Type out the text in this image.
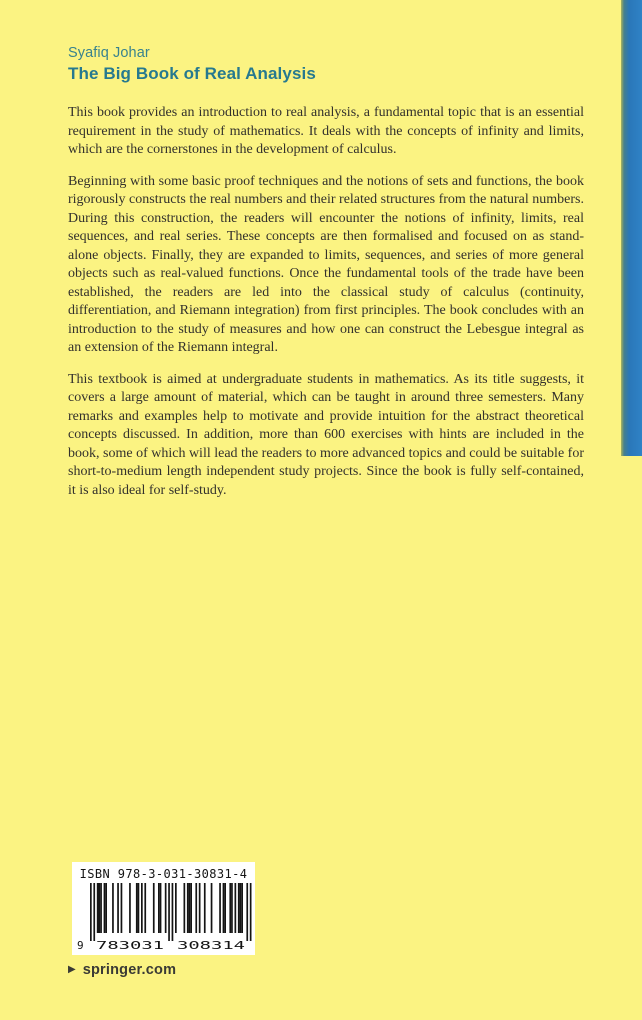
Syafiq Johar
The Big Book of Real Analysis

This book provides an introduction to real analysis, a fundamental topic that is an essential requirement in the study of mathematics. It deals with the concepts of infinity and limits, which are the cornerstones in the development of calculus.

Beginning with some basic proof techniques and the notions of sets and functions, the book rigorously constructs the real numbers and their related structures from the natural numbers. During this construction, the readers will encounter the notions of infinity, limits, real sequences, and real series. These concepts are then formalised and focused on as stand-alone objects. Finally, they are expanded to limits, sequences, and series of more general objects such as real-valued functions. Once the fundamental tools of the trade have been established, the readers are led into the classical study of calculus (continuity, differentiation, and Riemann integration) from first principles. The book concludes with an introduction to the study of measures and how one can construct the Lebesgue integral as an extension of the Riemann integral.

This textbook is aimed at undergraduate students in mathematics. As its title suggests, it covers a large amount of material, which can be taught in around three semesters. Many remarks and examples help to motivate and provide intuition for the abstract theoretical concepts discussed. In addition, more than 600 exercises with hints are included in the book, some of which will lead the readers to more advanced topics and could be suitable for short-to-medium length independent study projects. Since the book is fully self-contained, it is also ideal for self-study.

ISBN 978-3-031-30831-4
9 783031 308314
▶ springer.com
